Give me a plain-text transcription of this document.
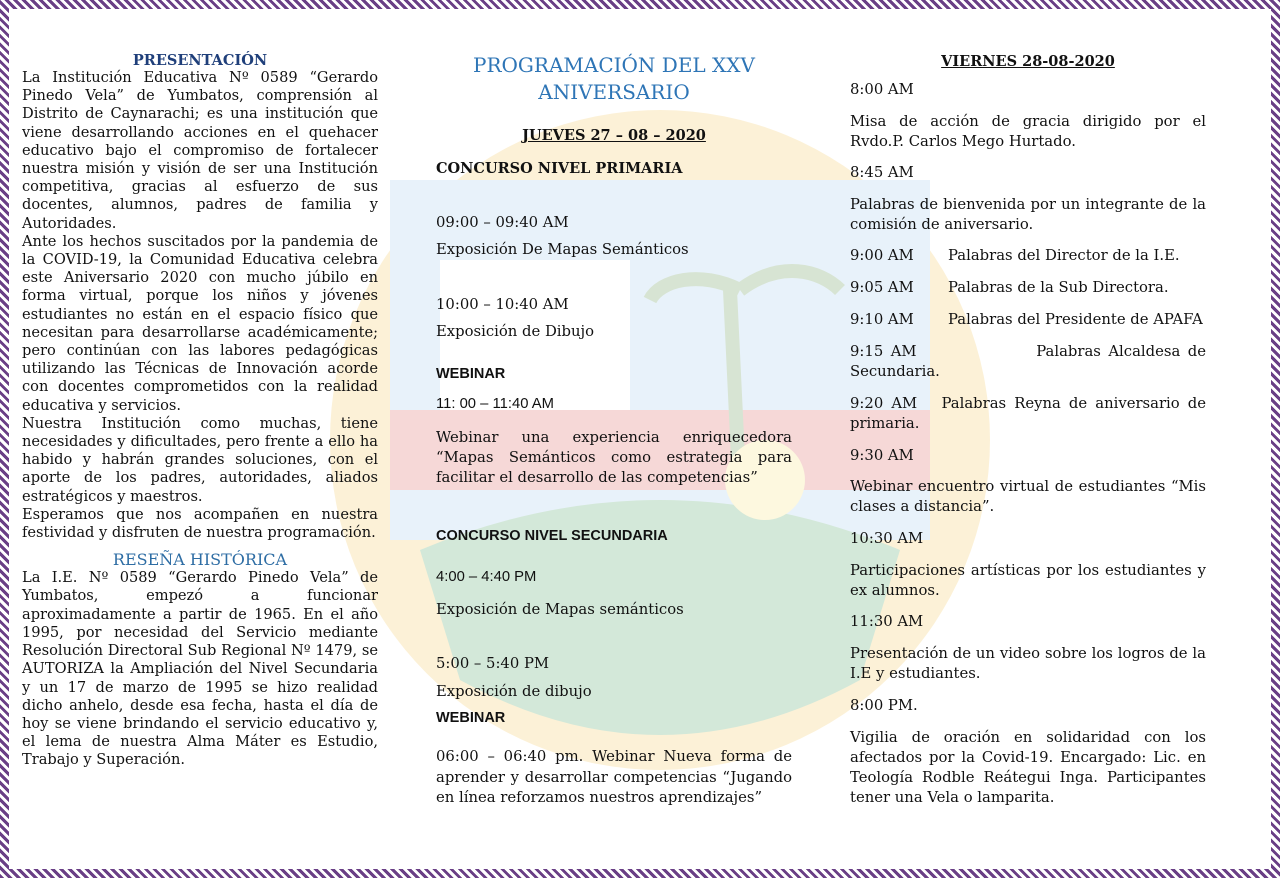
PRESENTACIÓN

La Institución Educativa Nº 0589 “Gerardo Pinedo Vela” de Yumbatos, comprensión al Distrito de Caynarachi; es una institución que viene desarrollando acciones en el quehacer educativo bajo el compromiso de fortalecer nuestra misión y visión de ser una Institución competitiva, gracias al esfuerzo de sus docentes, alumnos, padres de familia y Autoridades.

Ante los hechos suscitados por la pandemia de la COVID-19, la Comunidad Educativa celebra este Aniversario 2020 con mucho júbilo en forma virtual, porque los niños y jóvenes estudiantes no están en el espacio físico que necesitan para desarrollarse académicamente; pero continúan con las labores pedagógicas utilizando las Técnicas de Innovación acorde con docentes comprometidos con la realidad educativa y servicios.

Nuestra Institución como muchas, tiene necesidades y dificultades, pero frente a ello ha habido y habrán grandes soluciones, con el aporte de los padres, autoridades, aliados estratégicos y maestros.

Esperamos que nos acompañen en nuestra festividad y disfruten de nuestra programación.

RESEÑA HISTÓRICA

La I.E. Nº 0589 “Gerardo Pinedo Vela” de Yumbatos, empezó a funcionar aproximadamente a partir de 1965. En el año 1995, por necesidad del Servicio mediante Resolución Directoral Sub Regional Nº 1479, se AUTORIZA la Ampliación del Nivel Secundaria y un 17 de marzo de 1995 se hizo realidad dicho anhelo, desde esa fecha, hasta el día de hoy se viene brindando el servicio educativo y, el lema de nuestra Alma Máter es Estudio, Trabajo y Superación.

PROGRAMACIÓN DEL XXV
ANIVERSARIO
JUEVES 27 – 08 – 2020
CONCURSO NIVEL PRIMARIA
09:00 – 09:40 AM
Exposición De Mapas Semánticos
10:00 – 10:40 AM
Exposición de Dibujo
WEBINAR
11: 00 – 11:40 AM
Webinar una experiencia enriquecedora “Mapas Semánticos como estrategia para facilitar el desarrollo de las competencias”
CONCURSO NIVEL SECUNDARIA
4:00 – 4:40 PM
Exposición de Mapas semánticos
5:00 – 5:40 PM
Exposición de dibujo
WEBINAR
06:00 – 06:40 pm. Webinar Nueva forma de aprender y desarrollar competencias “Jugando en línea reforzamos nuestros aprendizajes”
VIERNES 28-08-2020
8:00 AM
Misa de acción de gracia dirigido por el Rvdo.P. Carlos Mego Hurtado.
8:45 AM
Palabras de bienvenida por un integrante de la comisión de aniversario.
9:00 AM	Palabras del Director de la I.E.
9:05 AM	Palabras de la Sub Directora.
9:10 AM	Palabras del Presidente de APAFA
9:15 AM                Palabras Alcaldesa de Secundaria.
9:20 AM   Palabras Reyna de aniversario de primaria.
9:30 AM
Webinar encuentro virtual de estudiantes “Mis clases a distancia”.
10:30 AM
Participaciones artísticas por los estudiantes y ex alumnos.
11:30 AM
Presentación de un video sobre los logros de la I.E y estudiantes.
8:00 PM.
Vigilia de oración en solidaridad con los afectados por la Covid-19. Encargado: Lic. en Teología Rodble Reátegui Inga. Participantes tener una Vela o lamparita.
